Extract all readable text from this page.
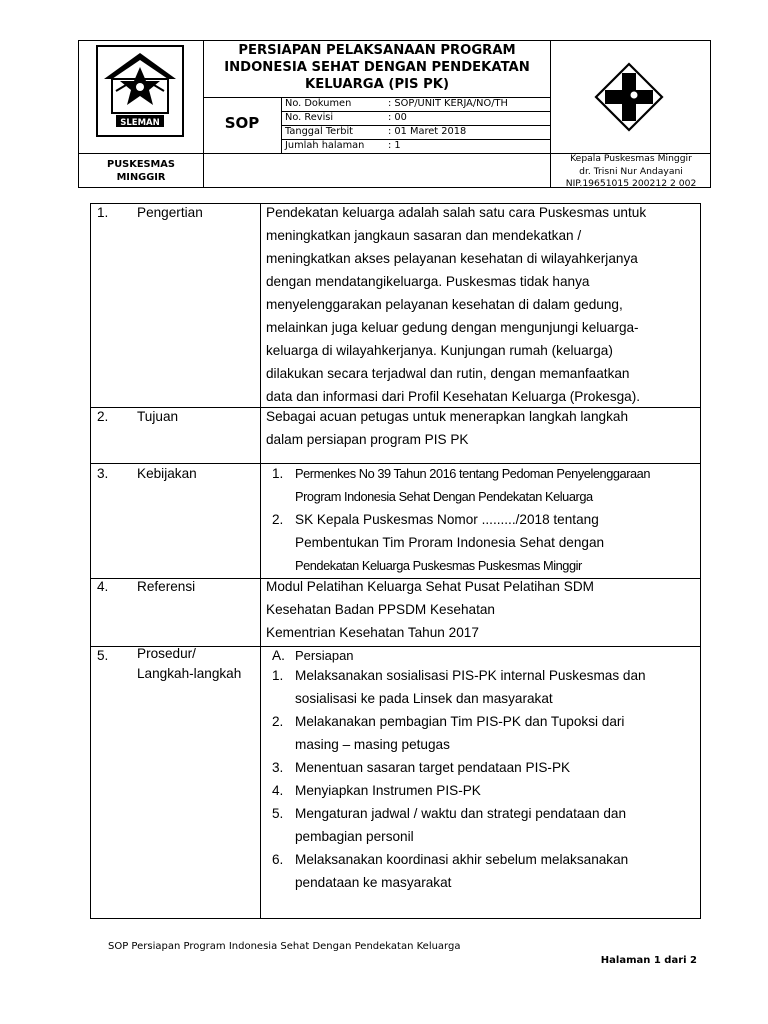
SLEMAN
PERSIAPAN PELAKSANAAN PROGRAM
INDONESIA SEHAT DENGAN PENDEKATAN
KELUARGA (PIS PK)
SOP
No. Dokumen	: SOP/UNIT KERJA/NO/TH
No. Revisi	: 00
Tanggal Terbit	: 01 Maret 2018
Jumlah halaman : 1
PUSKESMAS
MINGGIR
Kepala Puskesmas Minggir
dr. Trisni Nur Andayani
NIP.19651015 200212 2 002
1. Pengertian	Pendekatan keluarga adalah salah satu cara Puskesmas untuk
meningkatkan jangkaun sasaran dan mendekatkan /
meningkatkan akses pelayanan kesehatan di wilayahkerjanya
dengan mendatangikeluarga. Puskesmas tidak hanya
menyelenggarakan pelayanan kesehatan di dalam gedung,
melainkan juga keluar gedung dengan mengunjungi keluarga-
keluarga di wilayahkerjanya. Kunjungan rumah (keluarga)
dilakukan secara terjadwal dan rutin, dengan memanfaatkan
data dan informasi dari Profil Kesehatan Keluarga (Prokesga).
2. Tujuan	Sebagai acuan petugas untuk menerapkan langkah langkah
dalam persiapan program PIS PK
3. Kebijakan	1. Permenkes No 39 Tahun 2016 tentang Pedoman Penyelenggaraan
Program Indonesia Sehat Dengan Pendekatan Keluarga
2. SK Kepala Puskesmas Nomor ........./2018 tentang
Pembentukan Tim Proram Indonesia Sehat dengan
Pendekatan Keluarga Puskesmas Puskesmas Minggir
4. Referensi	Modul Pelatihan Keluarga Sehat Pusat Pelatihan SDM
Kesehatan Badan PPSDM Kesehatan
Kementrian Kesehatan Tahun 2017
5. Prosedur/
Langkah-langkah
A. Persiapan
1. Melaksanakan sosialisasi PIS-PK internal Puskesmas dan
sosialisasi ke pada Linsek dan masyarakat
2. Melakanakan pembagian Tim PIS-PK dan Tupoksi dari
masing – masing petugas
3. Menentuan sasaran target pendataan PIS-PK
4. Menyiapkan Instrumen PIS-PK
5. Mengaturan jadwal / waktu dan strategi pendataan dan
pembagian personil
6. Melaksanakan koordinasi akhir sebelum melaksanakan
pendataan ke masyarakat
SOP Persiapan Program Indonesia Sehat Dengan Pendekatan Keluarga
Halaman 1 dari 2
